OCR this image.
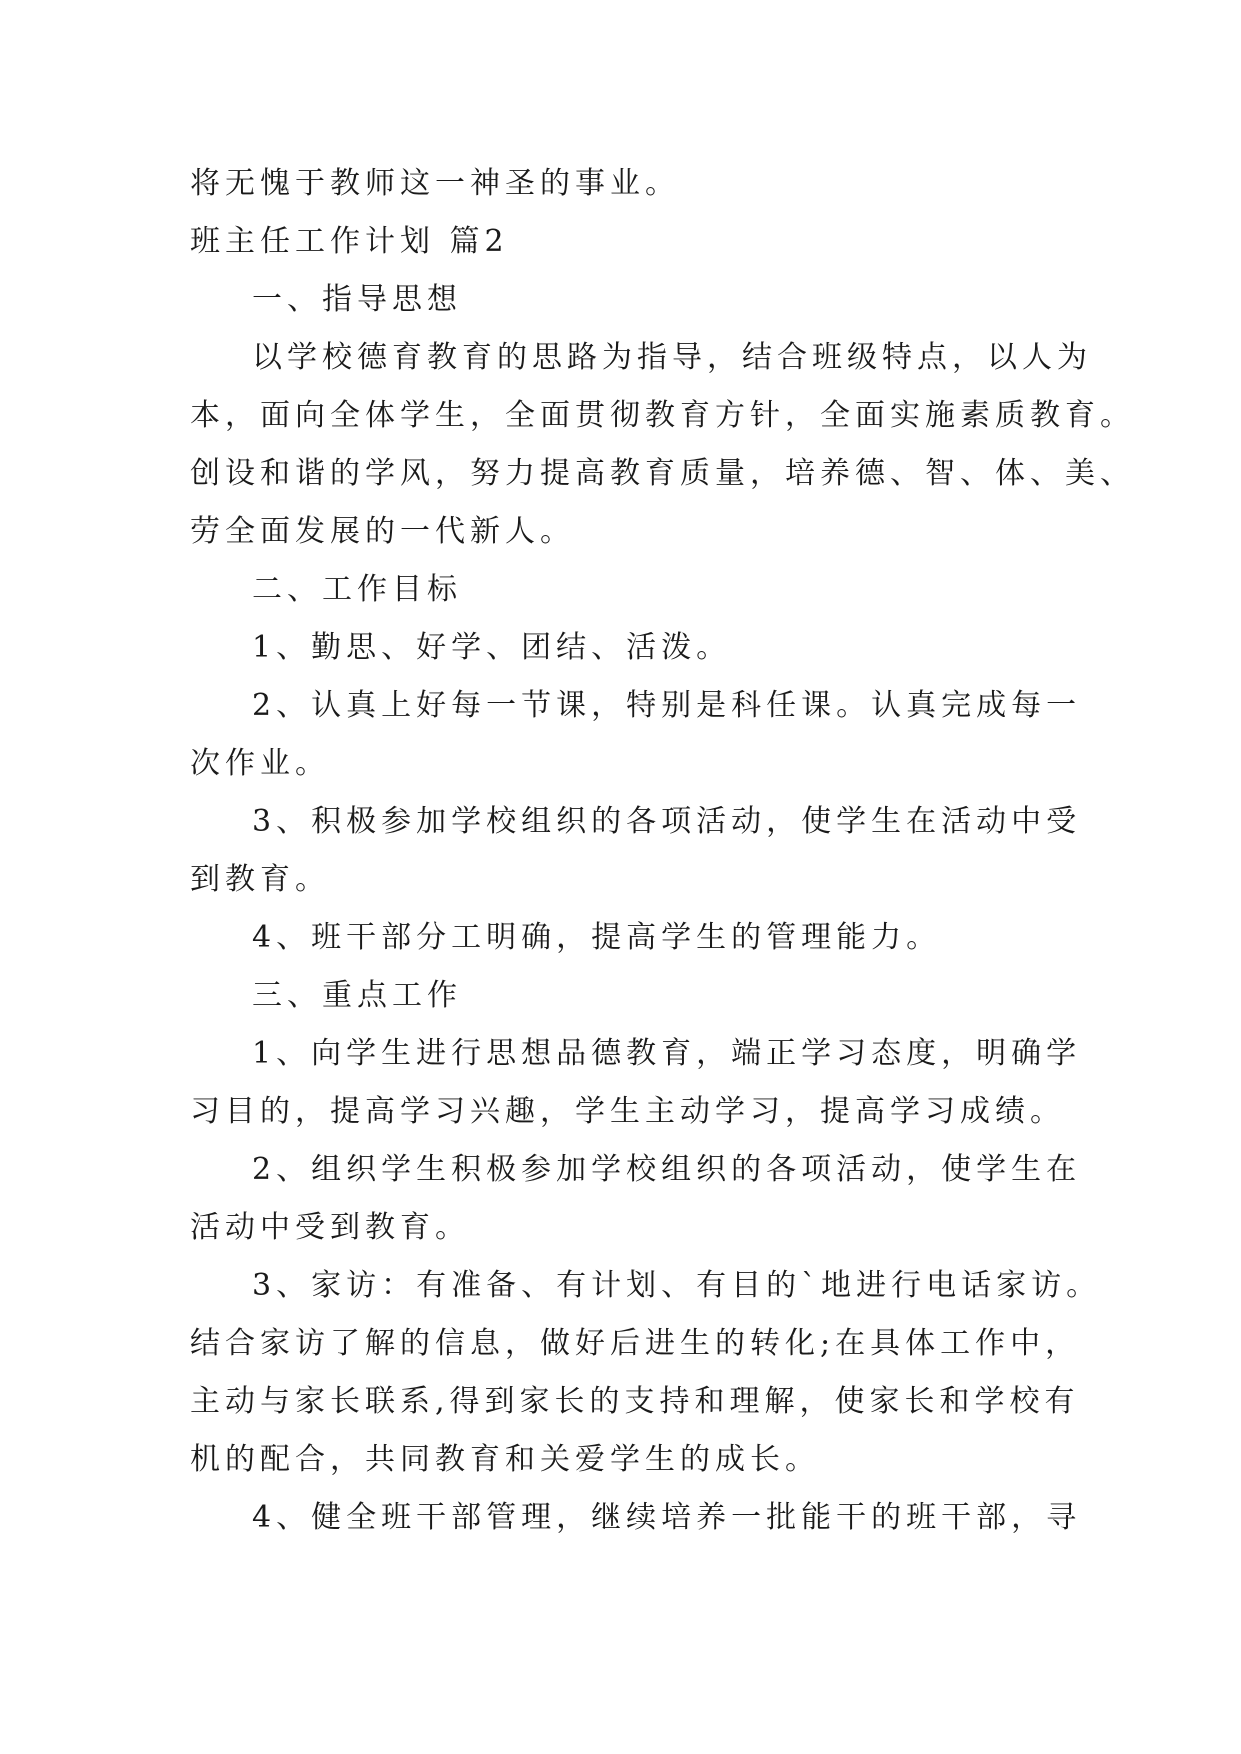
将无愧于教师这一神圣的事业。
班主任工作计划 篇2
一、指导思想
以学校德育教育的思路为指导，结合班级特点，以人为
本，面向全体学生，全面贯彻教育方针，全面实施素质教育。
创设和谐的学风，努力提高教育质量，培养德、智、体、美、
劳全面发展的一代新人。
二、工作目标
1、勤思、好学、团结、活泼。
2、认真上好每一节课，特别是科任课。认真完成每一
次作业。
3、积极参加学校组织的各项活动，使学生在活动中受
到教育。
4、班干部分工明确，提高学生的管理能力。
三、重点工作
1、向学生进行思想品德教育，端正学习态度，明确学
习目的，提高学习兴趣，学生主动学习，提高学习成绩。
2、组织学生积极参加学校组织的各项活动，使学生在
活动中受到教育。
3、家访：有准备、有计划、有目的`地进行电话家访。
结合家访了解的信息，做好后进生的转化;在具体工作中，
主动与家长联系,得到家长的支持和理解，使家长和学校有
机的配合，共同教育和关爱学生的成长。
4、健全班干部管理，继续培养一批能干的班干部，寻
